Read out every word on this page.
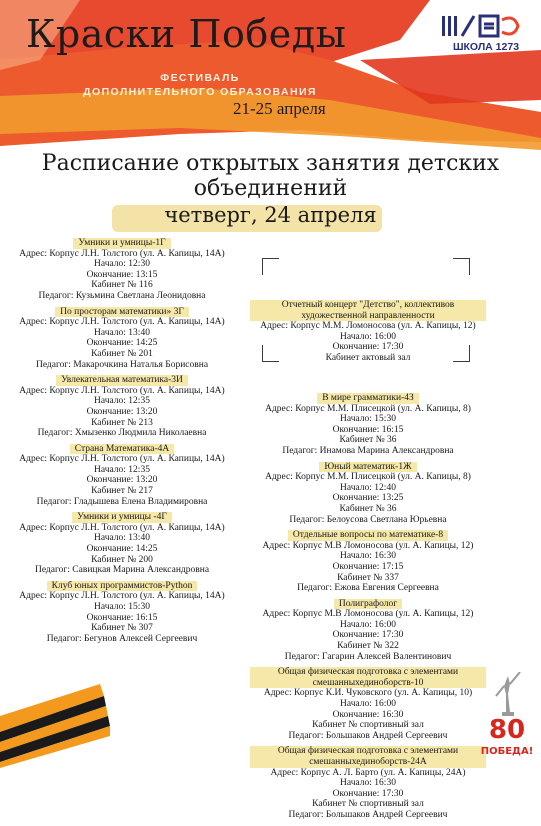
Краски Победы
ФЕСТИВАЛЬ
ДОПОЛНИТЕЛЬНОГО ОБРАЗОВАНИЯ
21-25 апреля
ШКОЛА 1273
Расписание открытых занятия детских
объединений
четверг, 24 апреля
Умники и умницы-1Г
Адрес: Корпус Л.Н. Толстого (ул. А. Капицы, 14А)
Начало: 12:30
Окончание: 13:15
Кабинет № 116
Педагог: Кузьмина Светлана Леонидовна
По просторам математики» 3Г
Адрес: Корпус Л.Н. Толстого (ул. А. Капицы, 14А)
Начало: 13:40
Окончание: 14:25
Кабинет № 201
Педагог: Макарочкина Наталья Борисовна
Увлекательная математика-3И
Адрес: Корпус Л.Н. Толстого (ул. А. Капицы, 14А)
Начало: 12:35
Окончание: 13:20
Кабинет № 213
Педагог: Хмызенко Людмила Николаевна
Страна Математика-4А
Адрес: Корпус Л.Н. Толстого (ул. А. Капицы, 14А)
Начало: 12:35
Окончание: 13:20
Кабинет № 217
Педагог: Гладышева Елена Владимировна
Умники и умницы -4Г
Адрес: Корпус Л.Н. Толстого (ул. А. Капицы, 14А)
Начало: 13:40
Окончание: 14:25
Кабинет № 200
Педагог: Савицкая Марина Александровна
Клуб юных программистов-Python
Адрес: Корпус Л.Н. Толстого (ул. А. Капицы, 14А)
Начало: 15:30
Окончание: 16:15
Кабинет № 307
Педагог: Бегунов Алексей Сергеевич
Отчетный концерт "Детство", коллективов художественной направленности
Адрес: Корпус М.М. Ломоносова (ул. А. Капицы, 12)
Начало: 16:00
Окончание: 17:30
Кабинет актовый зал
В мире грамматики-4З
Адрес: Корпус М.М. Плисецкой (ул. А. Капицы, 8)
Начало: 15:30
Окончание: 16:15
Кабинет № 36
Педагог: Инамова Марина Александровна
Юный математик-1Ж
Адрес: Корпус М.М. Плисецкой (ул. А. Капицы, 8)
Начало: 12:40
Окончание: 13:25
Кабинет № 36
Педагог: Белоусова Светлана Юрьевна
Отдельные вопросы по математике-8
Адрес: Корпус М.В Ломоносова (ул. А. Капицы, 12)
Начало: 16:30
Окончание: 17:15
Кабинет № 337
Педагог: Ежова Евгения Сергеевна
Полиграфолог
Адрес: Корпус М.В Ломоносова (ул. А. Капицы, 12)
Начало: 16:00
Окончание: 17:30
Кабинет № 322
Педагог: Гагарин Алексей Валентинович
Общая физическая подготовка с элементами смешанныхединоборств-10
Адрес: Корпус К.И. Чуковского (ул. А. Капицы, 10)
Начало: 16:00
Окончание: 16:30
Кабинет № спортивный зал
Педагог: Большаков Андрей Сергеевич
Общая физическая подготовка с элементами смешанныхединоборств-24А
Адрес: Корпус А. Л. Барто (ул. А. Капицы, 24А)
Начало: 16:30
Окончание: 17:30
Кабинет № спортивный зал
Педагог: Большаков Андрей Сергеевич
80
ПОБЕДА!
